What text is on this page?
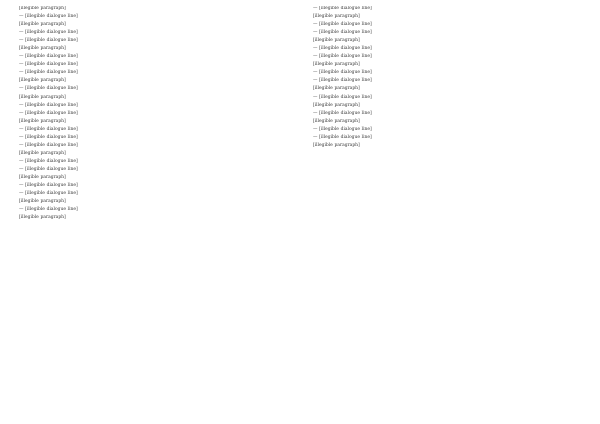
[illegible paragraph]

— [illegible dialogue line]

[illegible paragraph]

— [illegible dialogue line]

— [illegible dialogue line]

[illegible paragraph]

— [illegible dialogue line]

— [illegible dialogue line]

— [illegible dialogue line]

[illegible paragraph]

— [illegible dialogue line]

[illegible paragraph]

— [illegible dialogue line]

— [illegible dialogue line]

[illegible paragraph]

— [illegible dialogue line]

— [illegible dialogue line]

— [illegible dialogue line]

[illegible paragraph]

— [illegible dialogue line]

— [illegible dialogue line]

[illegible paragraph]

— [illegible dialogue line]

— [illegible dialogue line]

[illegible paragraph]

— [illegible dialogue line]

[illegible paragraph]

— [illegible dialogue line]

[illegible paragraph]

— [illegible dialogue line]

— [illegible dialogue line]

[illegible paragraph]

— [illegible dialogue line]

— [illegible dialogue line]

[illegible paragraph]

— [illegible dialogue line]

— [illegible dialogue line]

[illegible paragraph]

— [illegible dialogue line]

[illegible paragraph]

— [illegible dialogue line]

[illegible paragraph]

— [illegible dialogue line]

— [illegible dialogue line]

[illegible paragraph]
